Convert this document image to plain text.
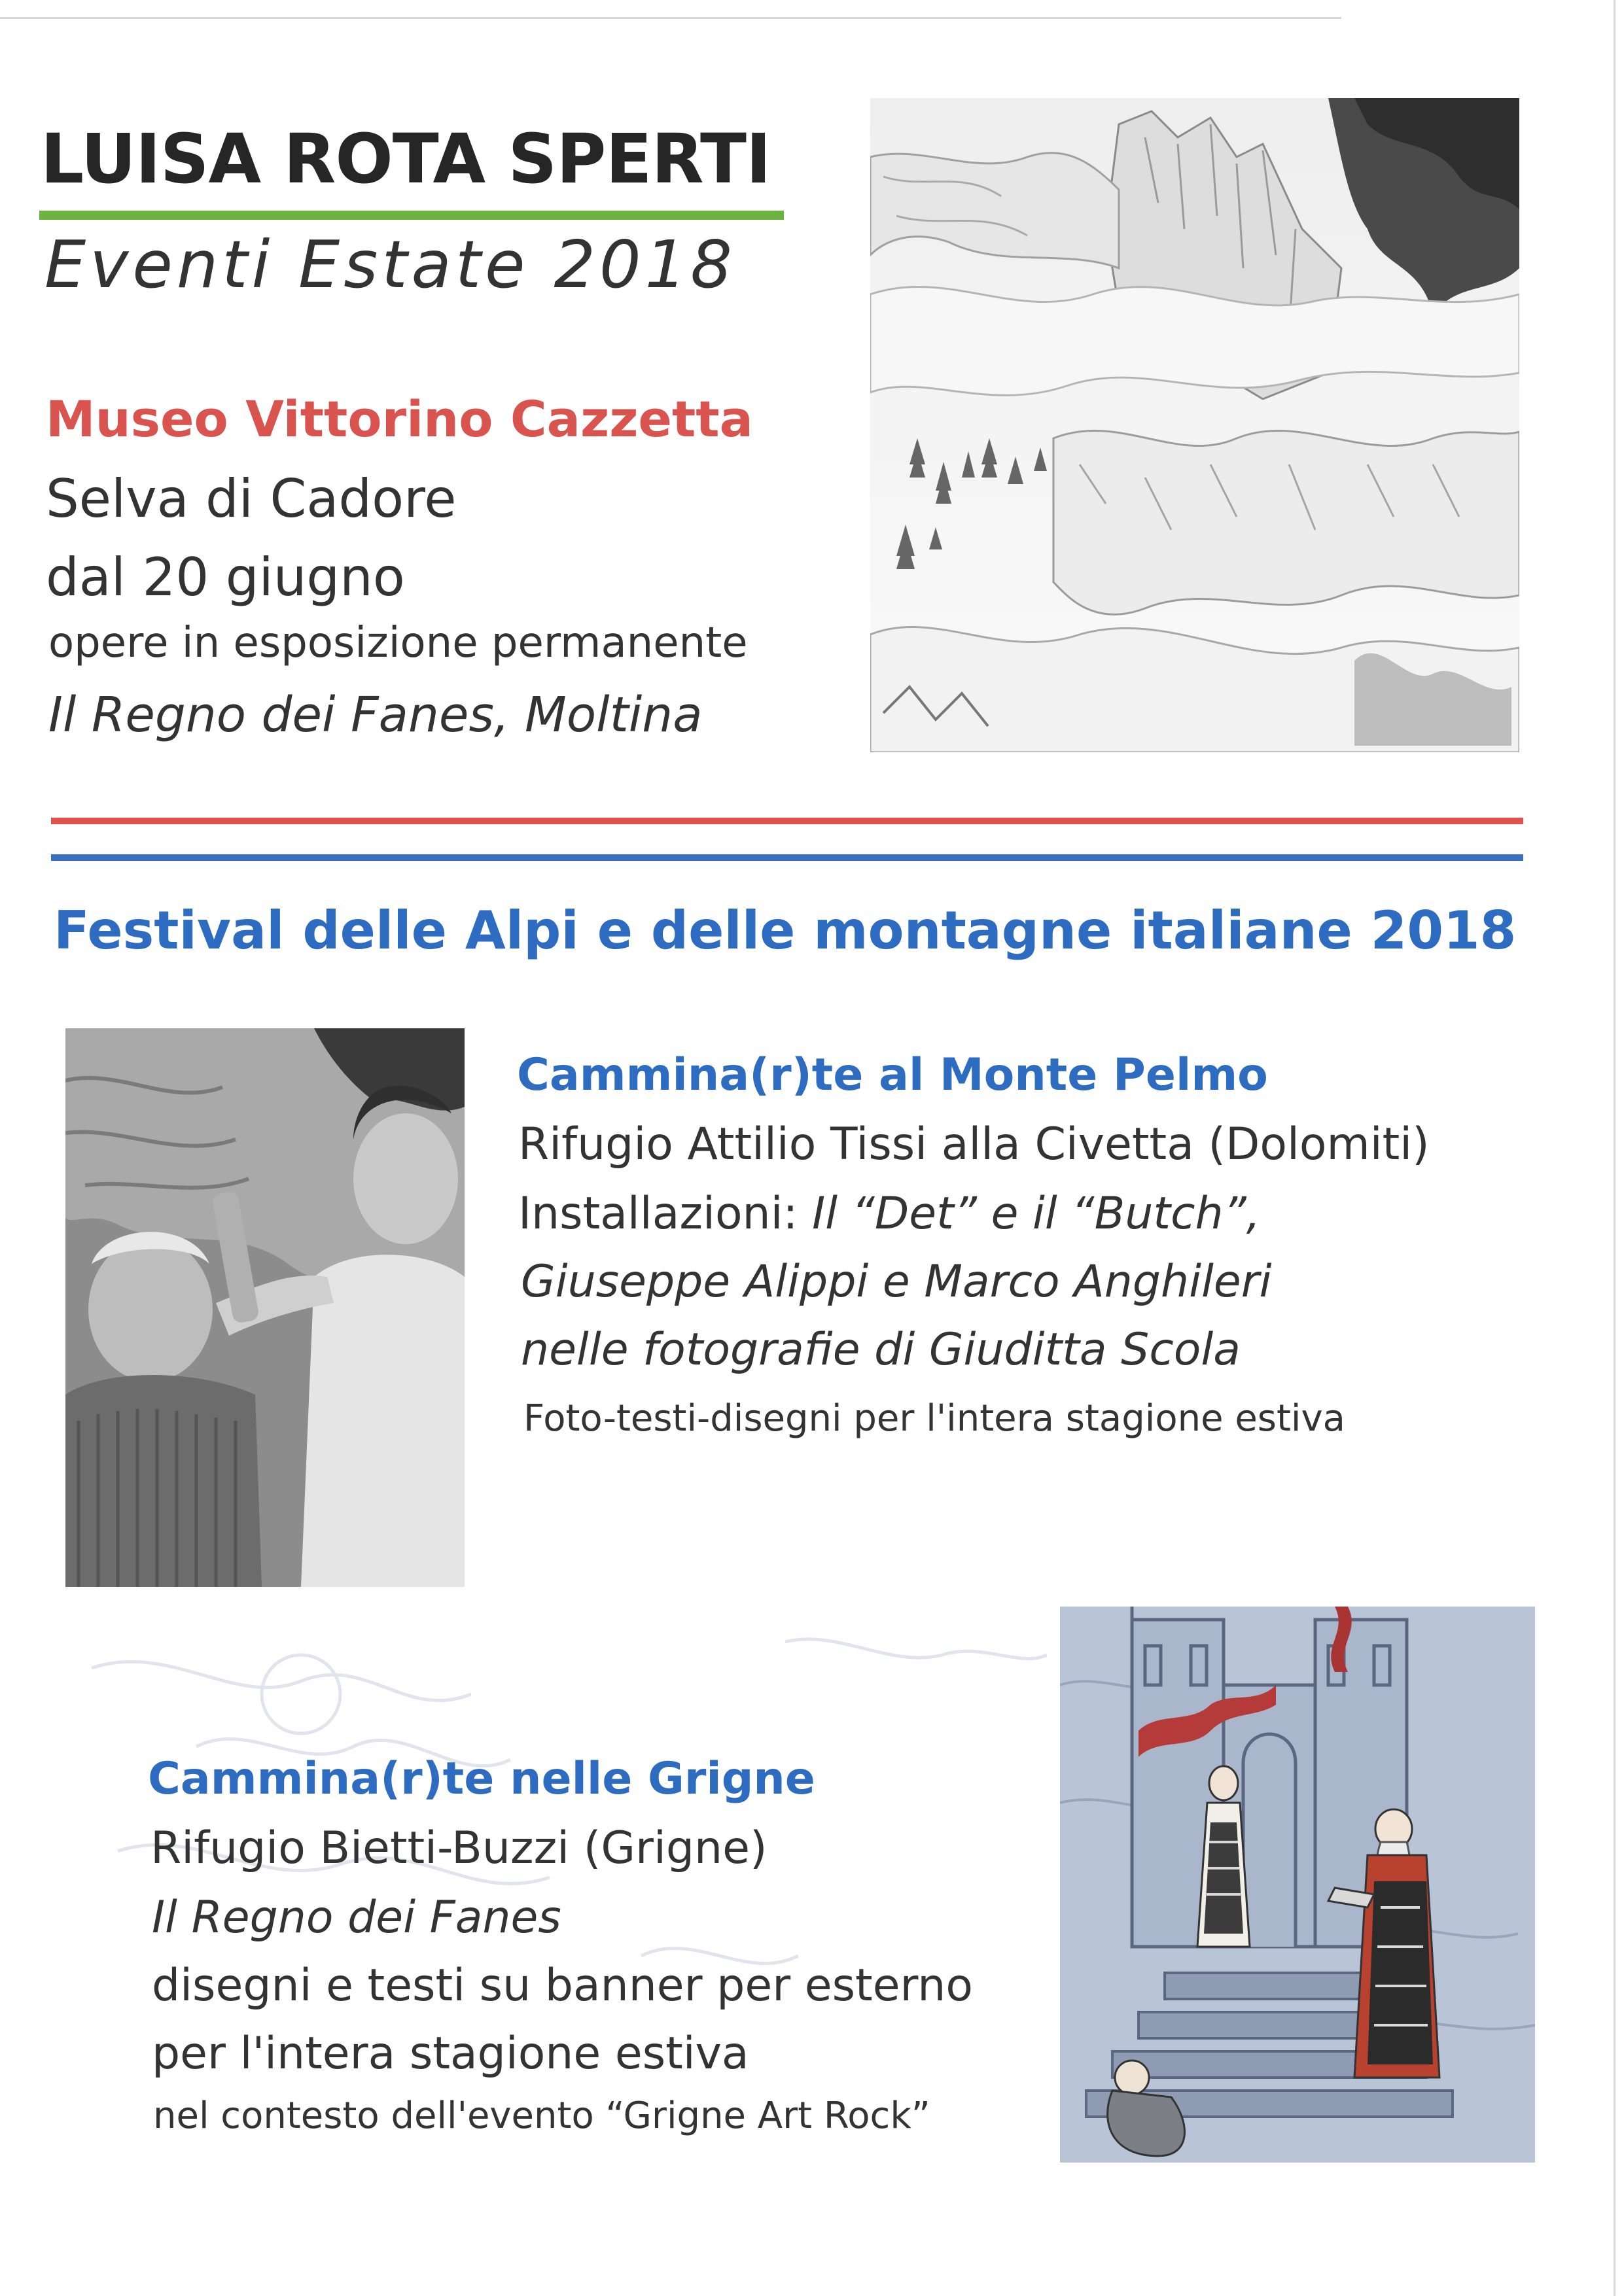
LUISA ROTA SPERTI
Eventi Estate 2018
Museo Vittorino Cazzetta
Selva di Cadore
dal 20 giugno
opere in esposizione permanente
Il Regno dei Fanes, Moltina
Festival delle Alpi e delle montagne italiane 2018
Cammina(r)te al Monte Pelmo
Rifugio Attilio Tissi alla Civetta (Dolomiti)
Installazioni: Il “Det” e il “Butch”,
Giuseppe Alippi e Marco Anghileri
nelle fotografie di Giuditta Scola
Foto-testi-disegni per l'intera stagione estiva
Cammina(r)te nelle Grigne
Rifugio Bietti-Buzzi (Grigne)
Il Regno dei Fanes
disegni e testi su banner per esterno
per l'intera stagione estiva
nel contesto dell'evento “Grigne Art Rock”
